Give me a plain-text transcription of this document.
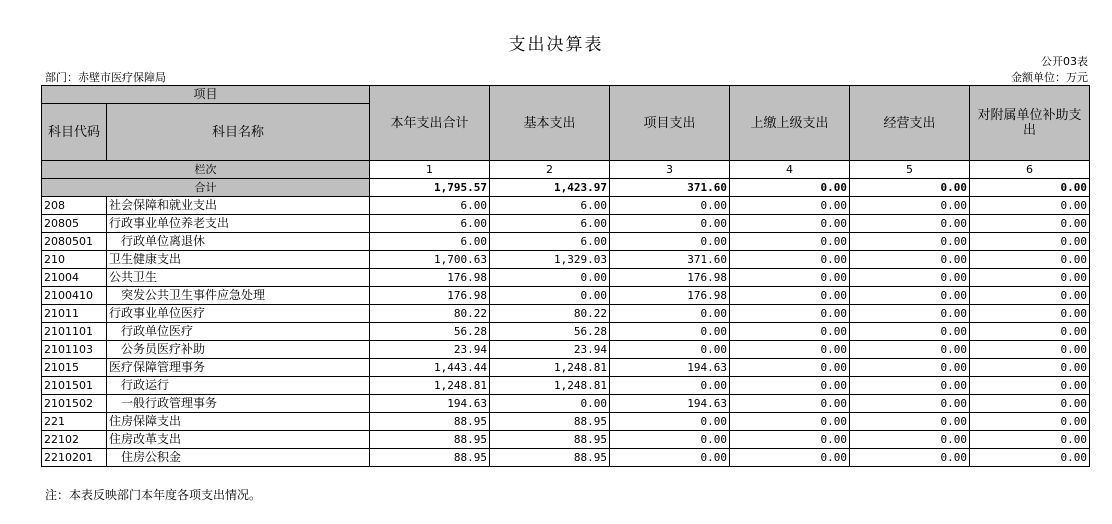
支出决算表
公开03表
部门：赤壁市医疗保障局	金额单位：万元
项目		本年支出合计	基本支出	项目支出	上缴上级支出	经营支出	对附属单位补助支出
科目代码	科目名称						
栏次		1	2	3	4	5	6
合计		1,795.57	1,423.97	371.60	0.00	0.00	0.00
208	社会保障和就业支出	6.00	6.00	0.00	0.00	0.00	0.00
20805	行政事业单位养老支出	6.00	6.00	0.00	0.00	0.00	0.00
2080501	行政单位离退休	6.00	6.00	0.00	0.00	0.00	0.00
210	卫生健康支出	1,700.63	1,329.03	371.60	0.00	0.00	0.00
21004	公共卫生	176.98	0.00	176.98	0.00	0.00	0.00
2100410	突发公共卫生事件应急处理	176.98	0.00	176.98	0.00	0.00	0.00
21011	行政事业单位医疗	80.22	80.22	0.00	0.00	0.00	0.00
2101101	行政单位医疗	56.28	56.28	0.00	0.00	0.00	0.00
2101103	公务员医疗补助	23.94	23.94	0.00	0.00	0.00	0.00
21015	医疗保障管理事务	1,443.44	1,248.81	194.63	0.00	0.00	0.00
2101501	行政运行	1,248.81	1,248.81	0.00	0.00	0.00	0.00
2101502	一般行政管理事务	194.63	0.00	194.63	0.00	0.00	0.00
221	住房保障支出	88.95	88.95	0.00	0.00	0.00	0.00
22102	住房改革支出	88.95	88.95	0.00	0.00	0.00	0.00
2210201	住房公积金	88.95	88.95	0.00	0.00	0.00	0.00
注：本表反映部门本年度各项支出情况。
